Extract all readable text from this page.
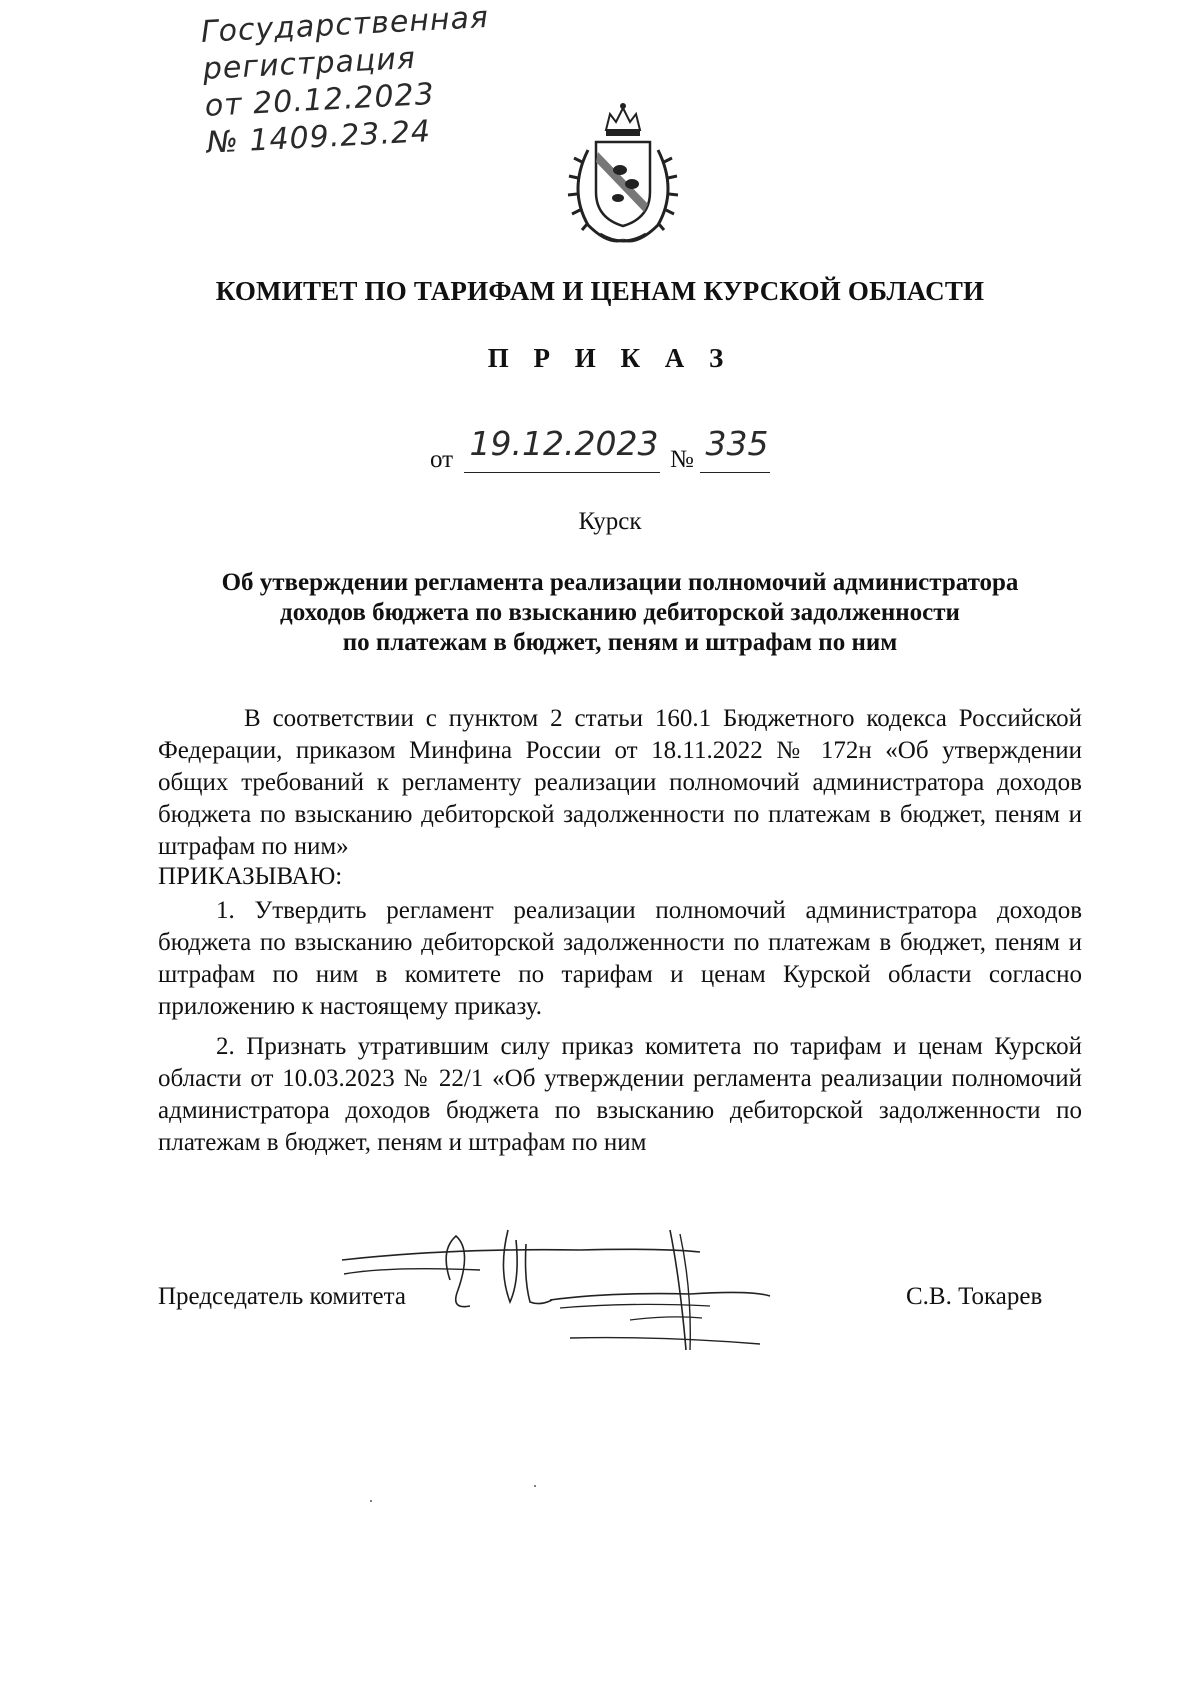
Государственная
регистрация
от 20.12.2023
№ 1409.23.24
КОМИТЕТ ПО ТАРИФАМ И ЦЕНАМ КУРСКОЙ ОБЛАСТИ
П Р И К А З
от 19.12.2023 № 335
Курск
Об утверждении регламента реализации полномочий администратора
доходов бюджета по взысканию дебиторской задолженности
по платежам в бюджет, пеням и штрафам по ним
В соответствии с пунктом 2 статьи 160.1 Бюджетного кодекса Российской Федерации, приказом Минфина России от 18.11.2022 № 172н «Об утверждении общих требований к регламенту реализации полномочий администратора доходов бюджета по взысканию дебиторской задолженности по платежам в бюджет, пеням и штрафам по ним»
ПРИКАЗЫВАЮ:
1. Утвердить регламент реализации полномочий администратора доходов бюджета по взысканию дебиторской задолженности по платежам в бюджет, пеням и штрафам по ним в комитете по тарифам и ценам Курской области согласно приложению к настоящему приказу.
2. Признать утратившим силу приказ комитета по тарифам и ценам Курской области от 10.03.2023 № 22/1 «Об утверждении регламента реализации полномочий администратора доходов бюджета по взысканию дебиторской задолженности по платежам в бюджет, пеням и штрафам по ним
Председатель комитета	С.В. Токарев
